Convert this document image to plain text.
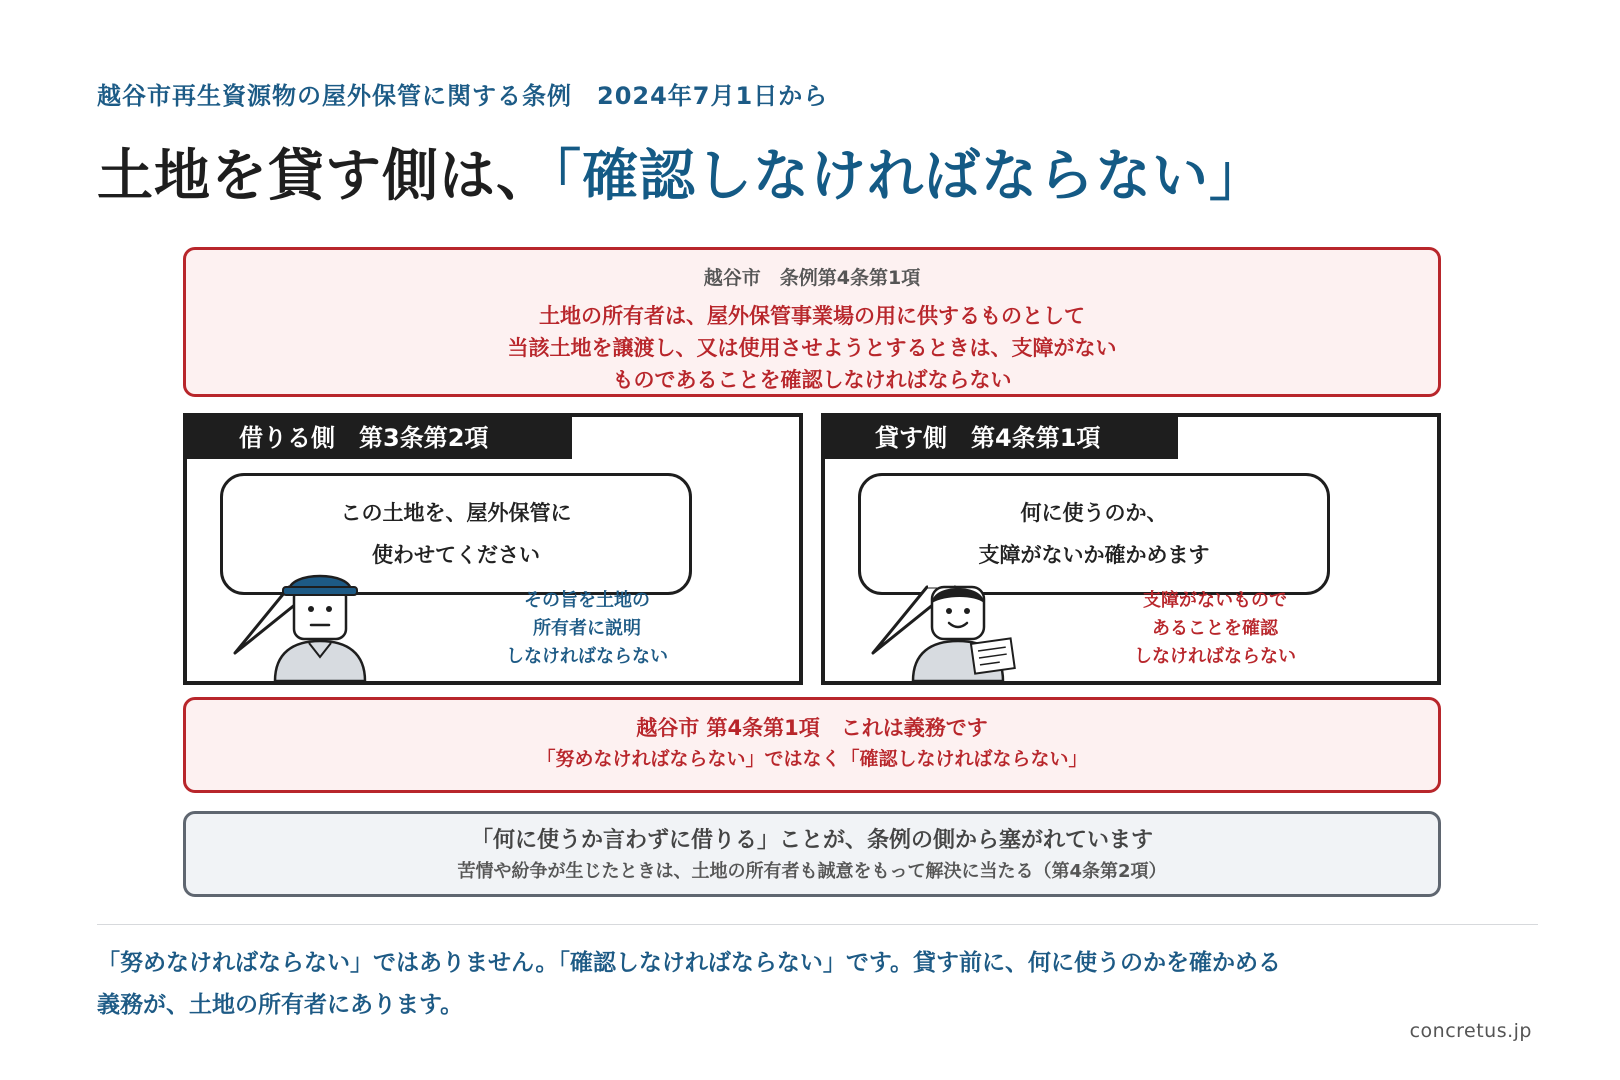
越谷市再生資源物の屋外保管に関する条例　2024年7月1日から
土地を貸す側は、「確認しなければならない」
越谷市　条例第4条第1項
土地の所有者は、屋外保管事業場の用に供するものとして
当該土地を譲渡し、又は使用させようとするときは、支障がない
ものであることを確認しなければならない
借りる側　第3条第2項
この土地を、屋外保管に
使わせてください
その旨を土地の
所有者に説明
しなければならない
貸す側　第4条第1項
何に使うのか、
支障がないか確かめます
支障がないもので
あることを確認
しなければならない
越谷市 第4条第1項　これは義務です
「努めなければならない」ではなく「確認しなければならない」
「何に使うか言わずに借りる」ことが、条例の側から塞がれています
苦情や紛争が生じたときは、土地の所有者も誠意をもって解決に当たる（第4条第2項）
「努めなければならない」ではありません。「確認しなければならない」です。貸す前に、何に使うのかを確かめる義務が、土地の所有者にあります。
concretus.jp
